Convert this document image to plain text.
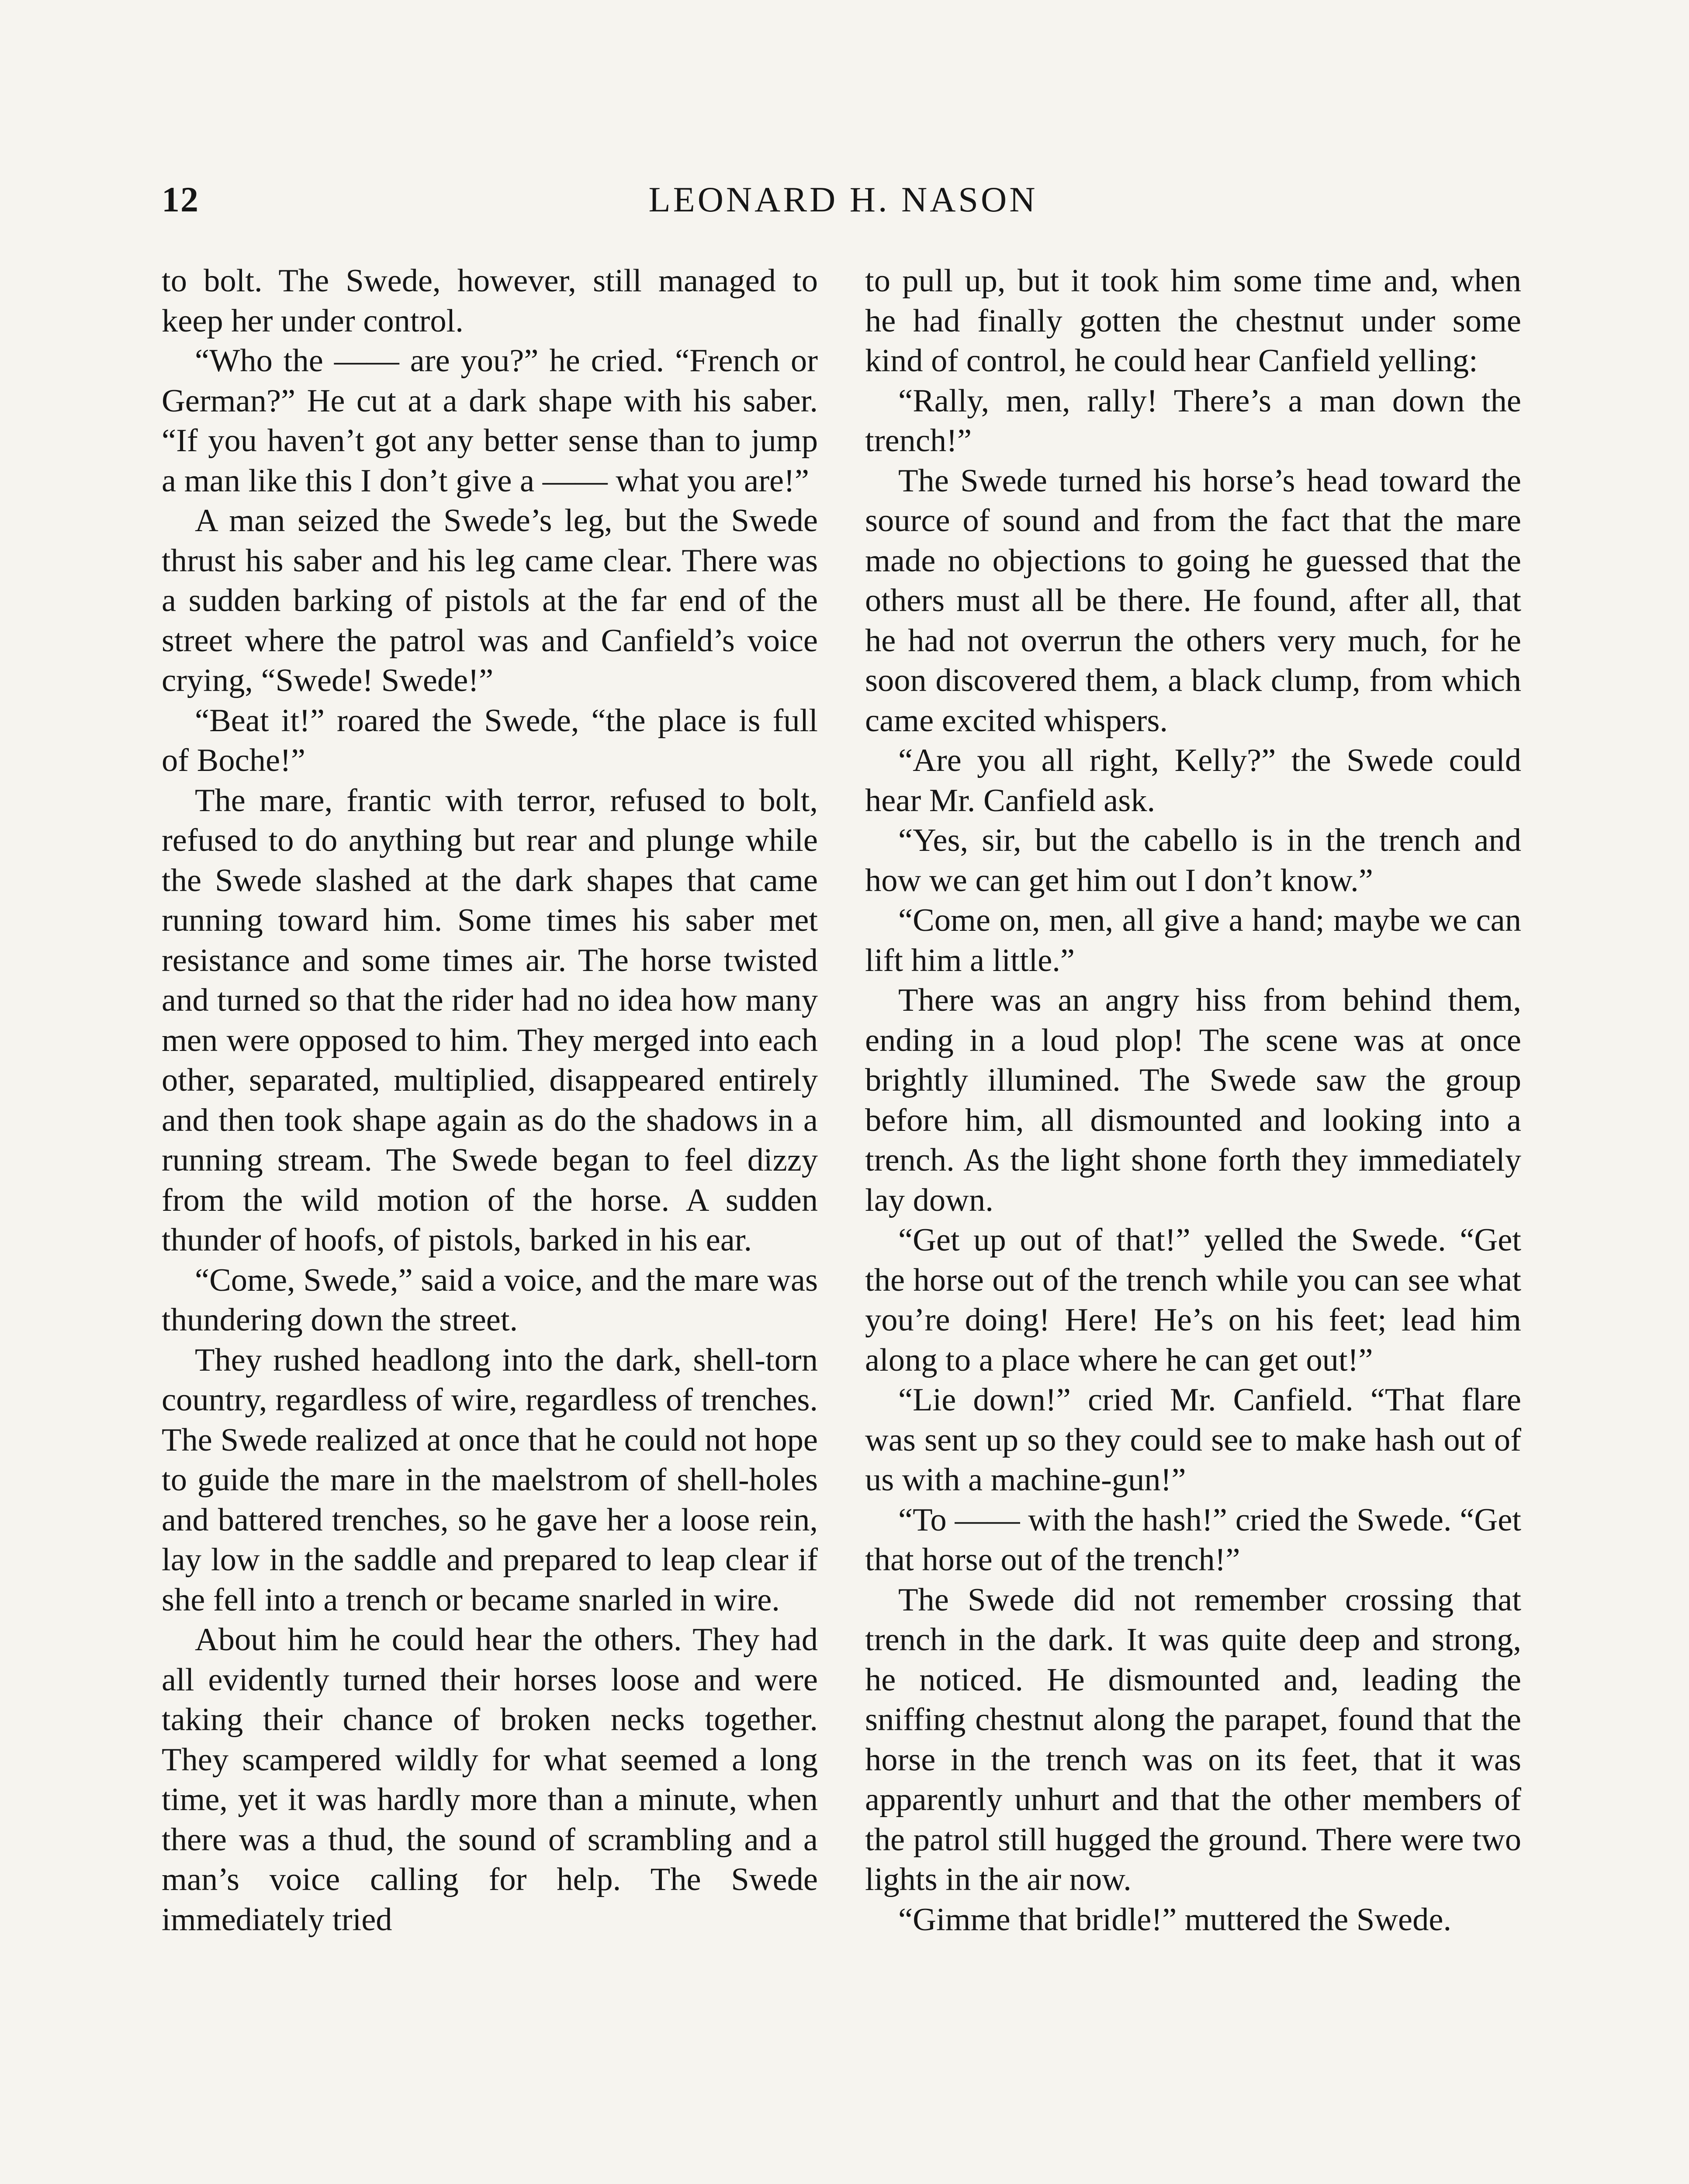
12	LEONARD H. NASON

to bolt. The Swede, however, still managed to keep her under control.

“Who the —— are you?” he cried. “French or German?” He cut at a dark shape with his saber. “If you haven’t got any better sense than to jump a man like this I don’t give a —— what you are!”

A man seized the Swede’s leg, but the Swede thrust his saber and his leg came clear. There was a sudden barking of pistols at the far end of the street where the patrol was and Canfield’s voice crying, “Swede! Swede!”

“Beat it!” roared the Swede, “the place is full of Boche!”

The mare, frantic with terror, refused to bolt, refused to do anything but rear and plunge while the Swede slashed at the dark shapes that came running toward him. Some times his saber met resistance and some times air. The horse twisted and turned so that the rider had no idea how many men were opposed to him. They merged into each other, separated, multiplied, disappeared entirely and then took shape again as do the shadows in a running stream. The Swede began to feel dizzy from the wild motion of the horse. A sudden thunder of hoofs, of pistols, barked in his ear.

“Come, Swede,” said a voice, and the mare was thundering down the street.

They rushed headlong into the dark, shell-torn country, regardless of wire, regardless of trenches. The Swede realized at once that he could not hope to guide the mare in the maelstrom of shell-holes and battered trenches, so he gave her a loose rein, lay low in the saddle and prepared to leap clear if she fell into a trench or became snarled in wire.

About him he could hear the others. They had all evidently turned their horses loose and were taking their chance of broken necks together. They scampered wildly for what seemed a long time, yet it was hardly more than a minute, when there was a thud, the sound of scrambling and a man’s voice calling for help. The Swede immediately tried

to pull up, but it took him some time and, when he had finally gotten the chestnut under some kind of control, he could hear Canfield yelling:

“Rally, men, rally! There’s a man down the trench!”

The Swede turned his horse’s head toward the source of sound and from the fact that the mare made no objections to going he guessed that the others must all be there. He found, after all, that he had not overrun the others very much, for he soon discovered them, a black clump, from which came excited whispers.

“Are you all right, Kelly?” the Swede could hear Mr. Canfield ask.

“Yes, sir, but the cabello is in the trench and how we can get him out I don’t know.”

“Come on, men, all give a hand; maybe we can lift him a little.”

There was an angry hiss from behind them, ending in a loud plop! The scene was at once brightly illumined. The Swede saw the group before him, all dismounted and looking into a trench. As the light shone forth they immediately lay down.

“Get up out of that!” yelled the Swede. “Get the horse out of the trench while you can see what you’re doing! Here! He’s on his feet; lead him along to a place where he can get out!”

“Lie down!” cried Mr. Canfield. “That flare was sent up so they could see to make hash out of us with a machine-gun!”

“To —— with the hash!” cried the Swede. “Get that horse out of the trench!”

The Swede did not remember crossing that trench in the dark. It was quite deep and strong, he noticed. He dismounted and, leading the sniffing chestnut along the parapet, found that the horse in the trench was on its feet, that it was apparently unhurt and that the other members of the patrol still hugged the ground. There were two lights in the air now.

“Gimme that bridle!” muttered the Swede.
